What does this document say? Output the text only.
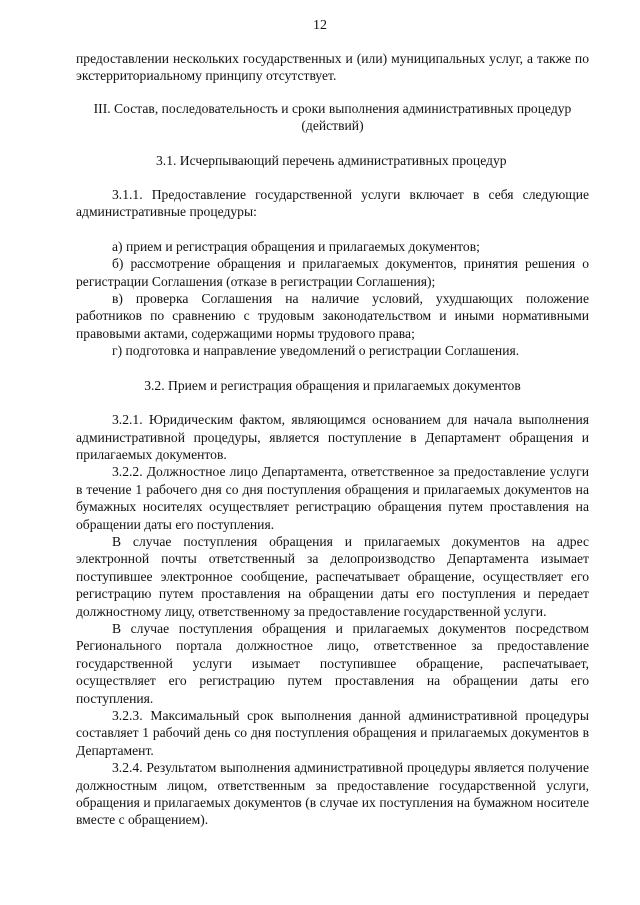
12

предоставлении нескольких государственных и (или) муниципальных услуг, а также по экстерриториальному принципу отсутствует.

III. Состав, последовательность и сроки выполнения административных процедур (действий)

3.1. Исчерпывающий перечень административных процедур

3.1.1. Предоставление государственной услуги включает в себя следующие административные процедуры:

а) прием и регистрация обращения и прилагаемых документов;

б) рассмотрение обращения и прилагаемых документов, принятия решения о регистрации Соглашения (отказе в регистрации Соглашения);

в) проверка Соглашения на наличие условий, ухудшающих положение работников по сравнению с трудовым законодательством и иными нормативными правовыми актами, содержащими нормы трудового права;

г) подготовка и направление уведомлений о регистрации Соглашения.

3.2. Прием и регистрация обращения и прилагаемых документов

3.2.1. Юридическим фактом, являющимся основанием для начала выполнения административной процедуры, является поступление в Департамент обращения и прилагаемых документов.

3.2.2. Должностное лицо Департамента, ответственное за предоставление услуги в течение 1 рабочего дня со дня поступления обращения и прилагаемых документов на бумажных носителях осуществляет регистрацию обращения путем проставления на обращении даты его поступления.

В случае поступления обращения и прилагаемых документов на адрес электронной почты ответственный за делопроизводство Департамента изымает поступившее электронное сообщение, распечатывает обращение, осуществляет его регистрацию путем проставления на обращении даты его поступления и передает должностному лицу, ответственному за предоставление государственной услуги.

В случае поступления обращения и прилагаемых документов посредством Регионального портала должностное лицо, ответственное за предоставление государственной услуги изымает поступившее обращение, распечатывает, осуществляет его регистрацию путем проставления на обращении даты его поступления.

3.2.3. Максимальный срок выполнения данной административной процедуры составляет 1 рабочий день со дня поступления обращения и прилагаемых документов в Департамент.

3.2.4. Результатом выполнения административной процедуры является получение должностным лицом, ответственным за предоставление государственной услуги, обращения и прилагаемых документов (в случае их поступления на бумажном носителе вместе с обращением).
